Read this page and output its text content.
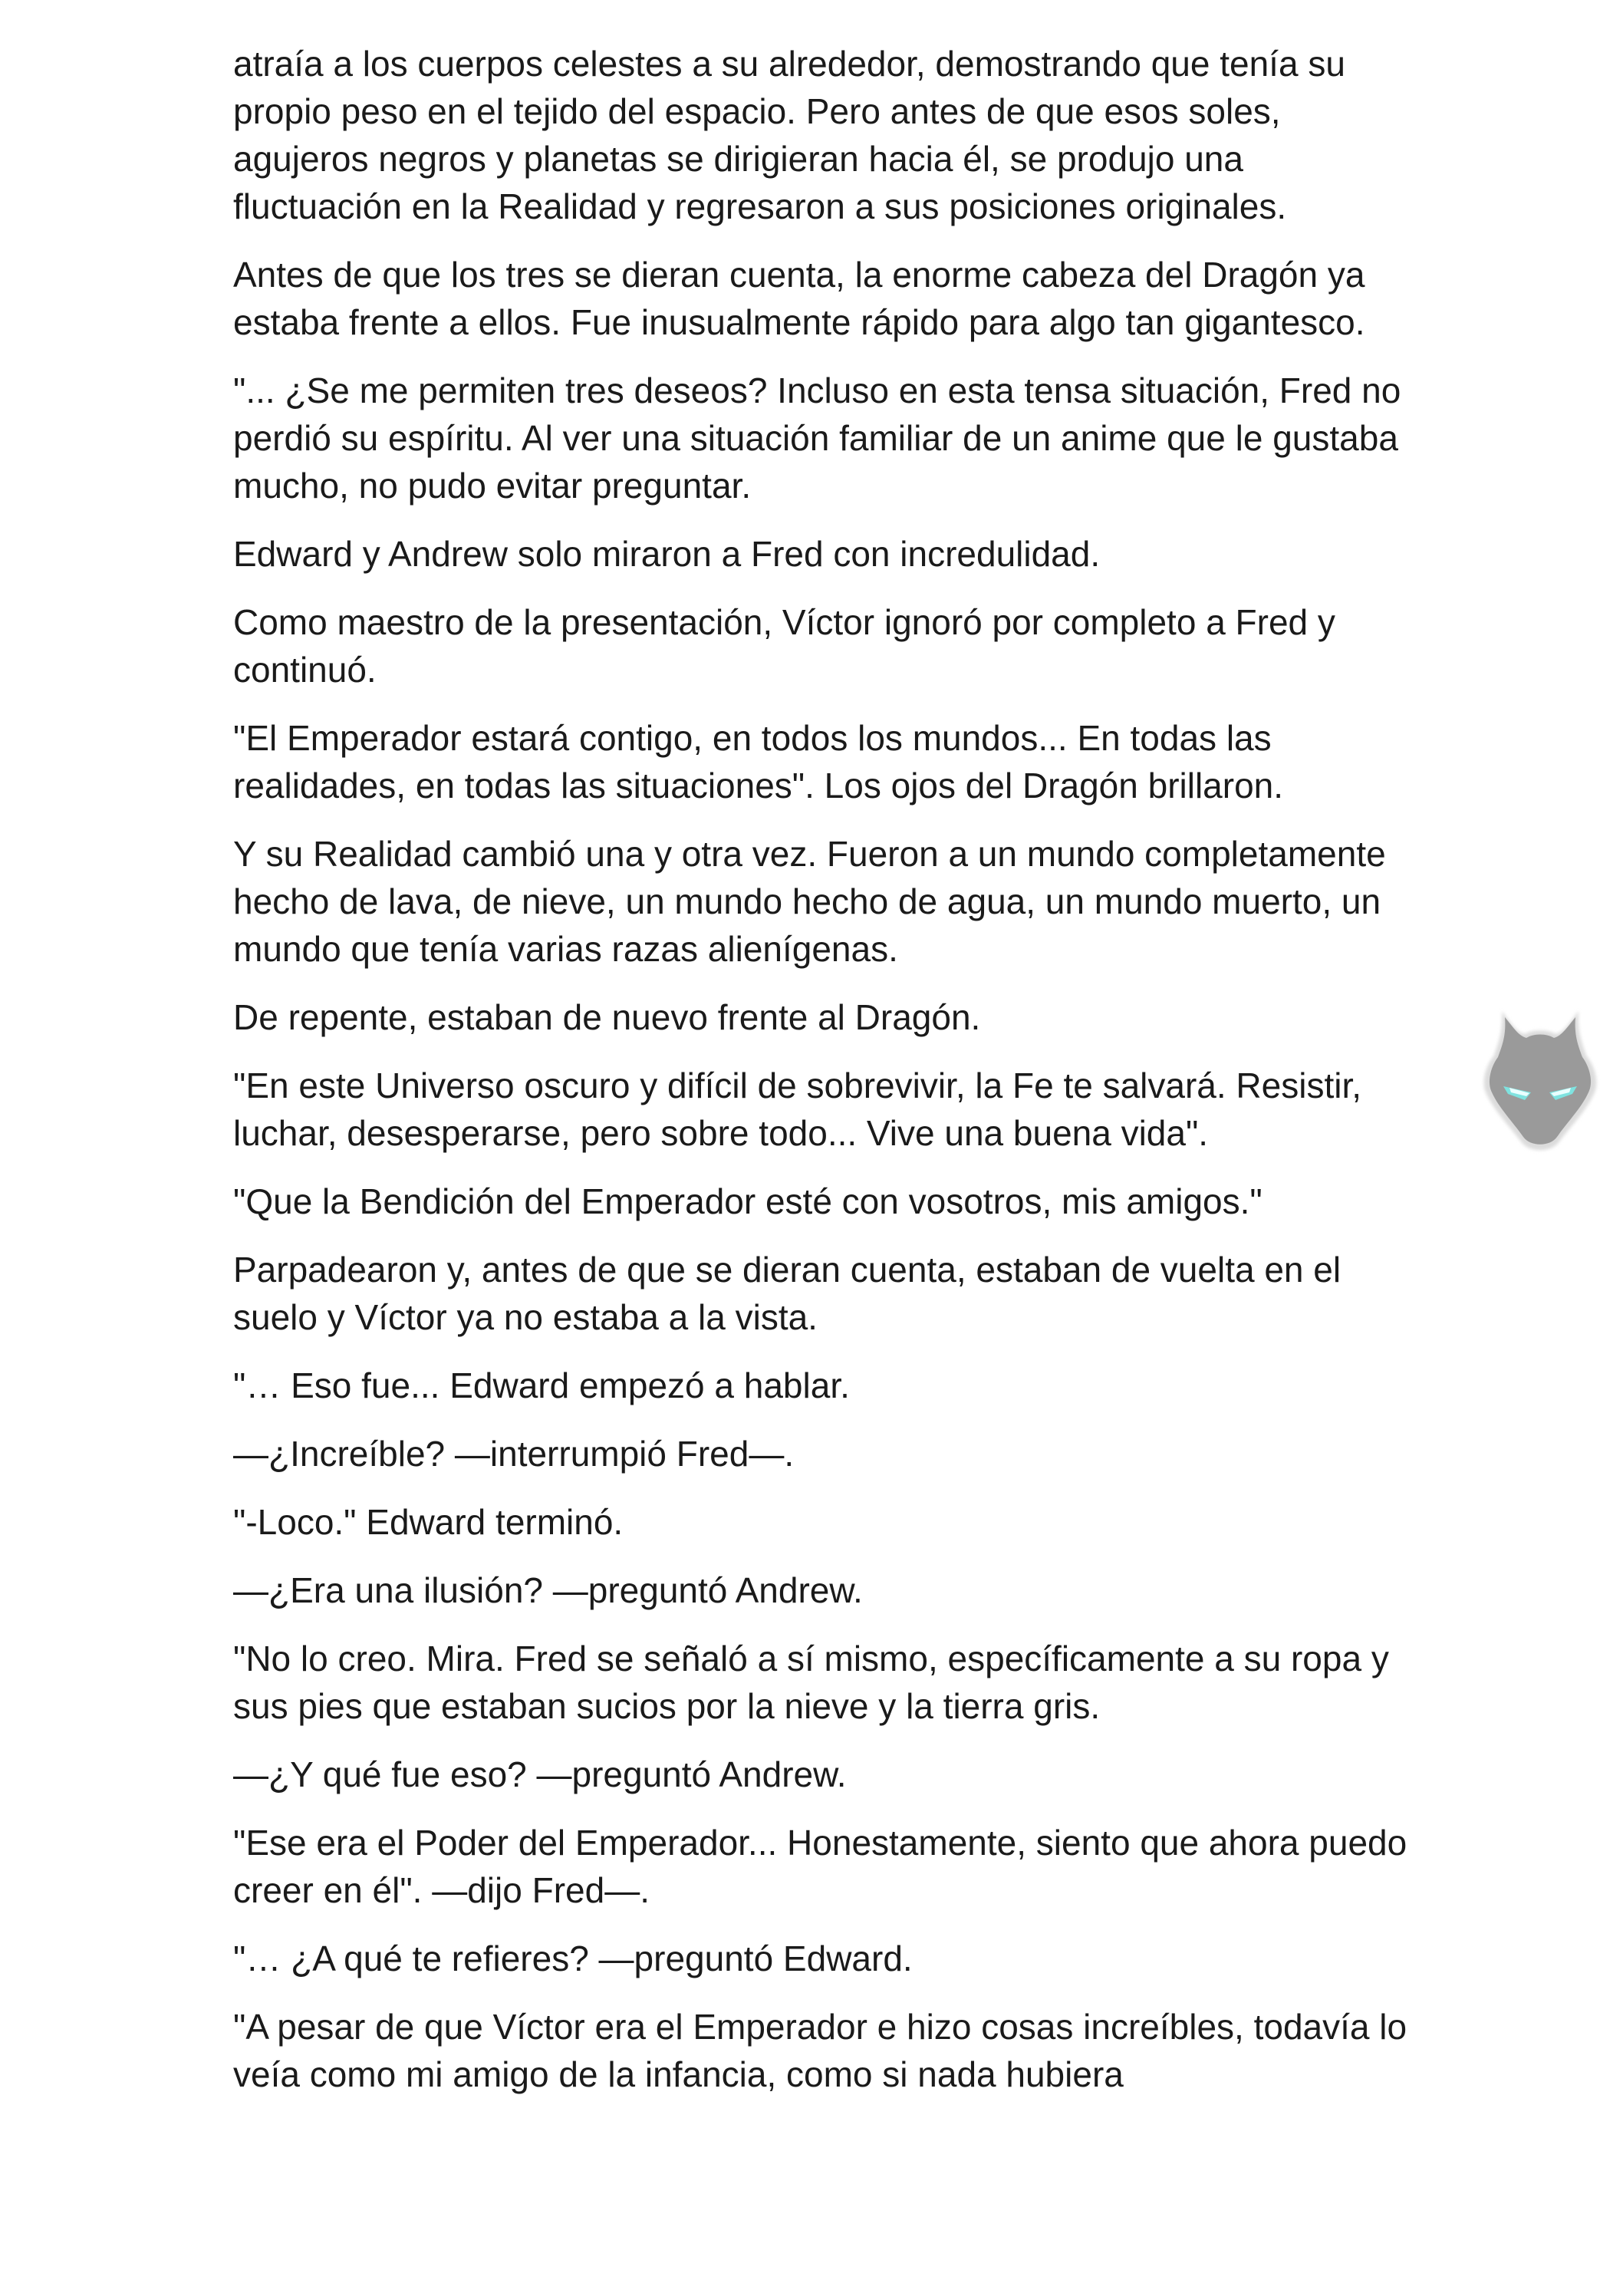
atraía a los cuerpos celestes a su alrededor, demostrando que tenía su propio peso en el tejido del espacio. Pero antes de que esos soles, agujeros negros y planetas se dirigieran hacia él, se produjo una fluctuación en la Realidad y regresaron a sus posiciones originales.

Antes de que los tres se dieran cuenta, la enorme cabeza del Dragón ya estaba frente a ellos. Fue inusualmente rápido para algo tan gigantesco.

"... ¿Se me permiten tres deseos? Incluso en esta tensa situación, Fred no perdió su espíritu. Al ver una situación familiar de un anime que le gustaba mucho, no pudo evitar preguntar.

Edward y Andrew solo miraron a Fred con incredulidad.

Como maestro de la presentación, Víctor ignoró por completo a Fred y continuó.

"El Emperador estará contigo, en todos los mundos... En todas las realidades, en todas las situaciones". Los ojos del Dragón brillaron.

Y su Realidad cambió una y otra vez. Fueron a un mundo completamente hecho de lava, de nieve, un mundo hecho de agua, un mundo muerto, un mundo que tenía varias razas alienígenas.

De repente, estaban de nuevo frente al Dragón.

"En este Universo oscuro y difícil de sobrevivir, la Fe te salvará. Resistir, luchar, desesperarse, pero sobre todo... Vive una buena vida".

"Que la Bendición del Emperador esté con vosotros, mis amigos."

Parpadearon y, antes de que se dieran cuenta, estaban de vuelta en el suelo y Víctor ya no estaba a la vista.

"… Eso fue... Edward empezó a hablar.

—¿Increíble? —interrumpió Fred—.

"-Loco." Edward terminó.

—¿Era una ilusión? —preguntó Andrew.

"No lo creo. Mira. Fred se señaló a sí mismo, específicamente a su ropa y sus pies que estaban sucios por la nieve y la tierra gris.

—¿Y qué fue eso? —preguntó Andrew.

"Ese era el Poder del Emperador... Honestamente, siento que ahora puedo creer en él". —dijo Fred—.

"… ¿A qué te refieres? —preguntó Edward.

"A pesar de que Víctor era el Emperador e hizo cosas increíbles, todavía lo veía como mi amigo de la infancia, como si nada hubiera
